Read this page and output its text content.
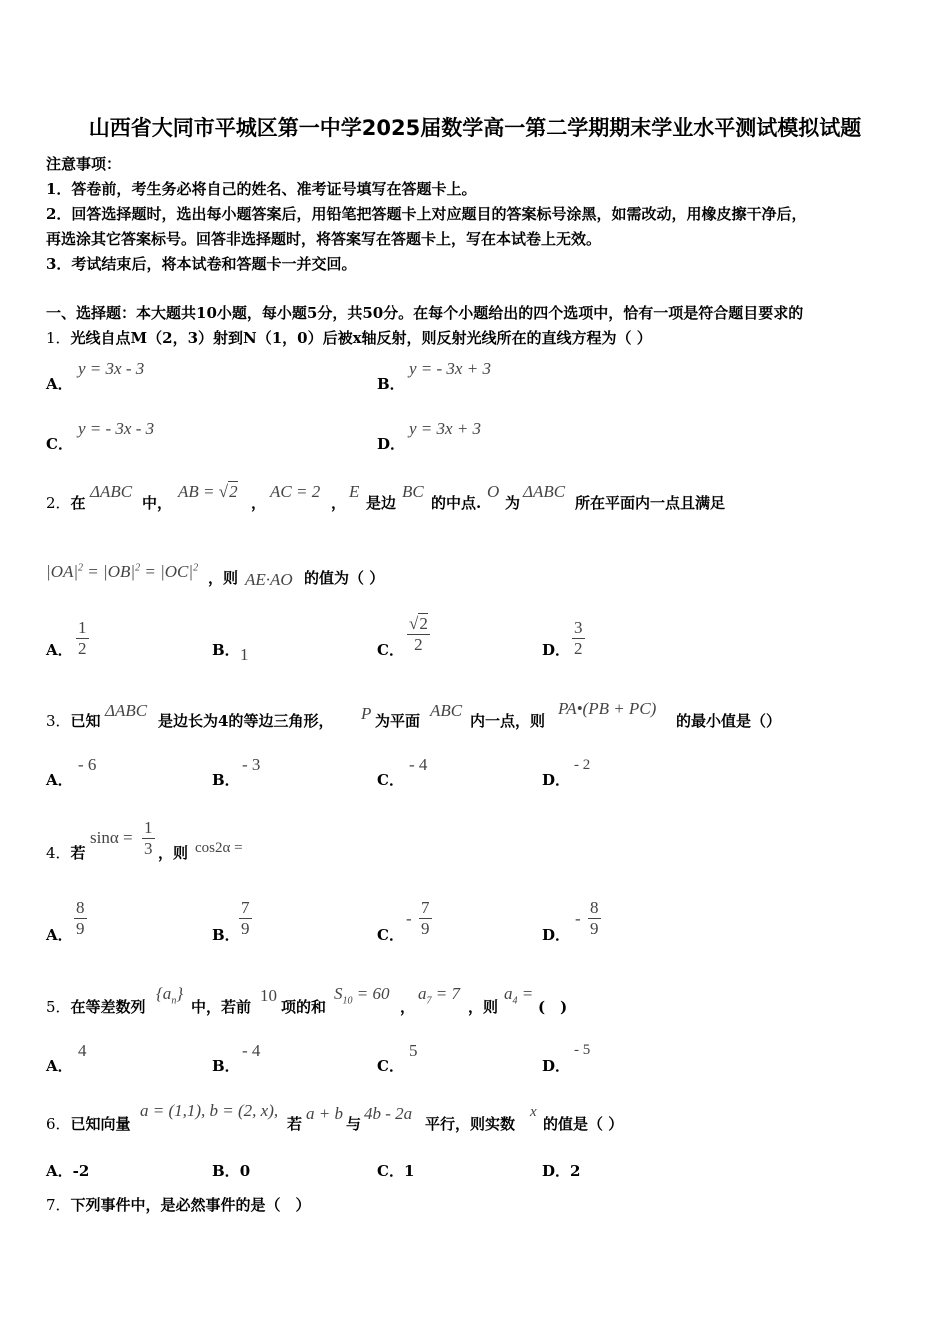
山西省大同市平城区第一中学2025届数学高一第二学期期末学业水平测试模拟试题
注意事项：
1．答卷前，考生务必将自己的姓名、准考证号填写在答题卡上。
2．回答选择题时，选出每小题答案后，用铅笔把答题卡上对应题目的答案标号涂黑，如需改动，用橡皮擦干净后，
再选涂其它答案标号。回答非选择题时，将答案写在答题卡上，写在本试卷上无效。
3．考试结束后，将本试卷和答题卡一并交回。
一、选择题：本大题共10小题，每小题5分，共50分。在每个小题给出的四个选项中，恰有一项是符合题目要求的
1．光线自点M（2，3）射到N（1，0）后被x轴反射，则反射光线所在的直线方程为（ ）
A．
y = 3x - 3
B．
y = - 3x + 3
C．
y = - 3x - 3
D．
y = 3x + 3
2．在
ΔABC
中，
AB = √2
，
AC = 2
，
E
是边
BC
的中点.
O
为
ΔABC
所在平面内一点且满足
$|OA|^2 = |OB|^2 = |OC|^2$
，则 AE·AO 的值为（ ）
A． $\frac{1}{2}$	B． 1	C． $\frac{√2}{2}$	D． $\frac{3}{2}$
3．已知
ΔABC
是边长为4的等边三角形， P 为平面
ABC
内一点，则
PA•(PB + PC)
的最小值是（）
A．
- 6
B．
- 3
C．
- 4
D．
- 2
4．若
$\sin\alpha = \frac{1}{3}$ ，则 cos2α =
A． $\frac{8}{9}$	B． $\frac{7}{9}$	C．
- $\frac{7}{9}$	D．
- $\frac{8}{9}$
5．在等差数列
$\{a_n\}$
中，若前
10
项的和
$S_{10} = 60$
，
$a_7 = 7$
，则
$a_4$ =
(　)
A．
4
B．
- 4
C．
5
D．
- 5
6．已知向量
a = (1,1), b = (2, x),
若
a + b
与
4b - 2a
平行，则实数
x
的值是（ ）
A．-2	B．0	C．1	D．2
7．下列事件中，是必然事件的是（　）
